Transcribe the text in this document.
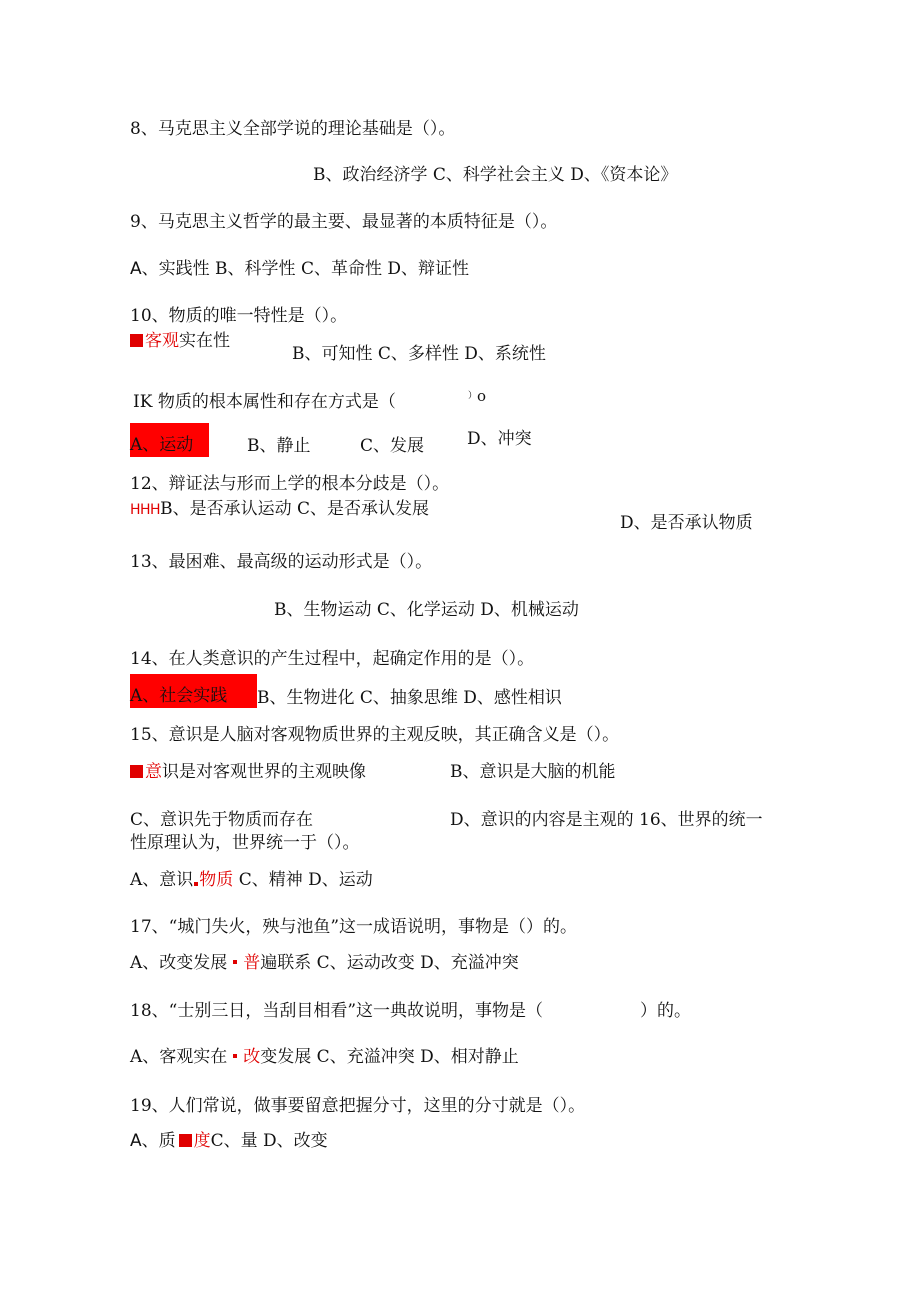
8、马克思主义全部学说的理论基础是（）。
B、政治经济学 C、科学社会主义 D、《资本论》
9、马克思主义哲学的最主要、最显著的本质特征是（）。
A、实践性 B、科学性 C、革命性 D、辩证性
10、物质的唯一特性是（）。
客观实在性
B、可知性 C、多样性 D、系统性
IK 物质的根本属性和存在方式是（	）o
A、运动	B、静止	C、发展	D、冲突
12、辩证法与形而上学的根本分歧是（）。
HHHB、是否承认运动 C、是否承认发展
D、是否承认物质
13、最困难、最高级的运动形式是（）。
B、生物运动 C、化学运动 D、机械运动
14、在人类意识的产生过程中，起确定作用的是（）。
A、社会实践	B、生物进化 C、抽象思维 D、感性相识
15、意识是人脑对客观物质世界的主观反映，其正确含义是（）。
意识是对客观世界的主观映像	B、意识是大脑的机能
C、意识先于物质而存在	D、意识的内容是主观的 16、世界的统一
性原理认为，世界统一于（）。
A、意识 物质 C、精神 D、运动
17、“城门失火，殃与池鱼”这一成语说明，事物是（）的。
A、改变发展 普遍联系 C、运动改变 D、充溢冲突
18、“士别三日，当刮目相看”这一典故说明，事物是（	）的。
A、客观实在 改变发展 C、充溢冲突 D、相对静止
19、人们常说，做事要留意把握分寸，这里的分寸就是（）。
A、质 度C、量 D、改变
